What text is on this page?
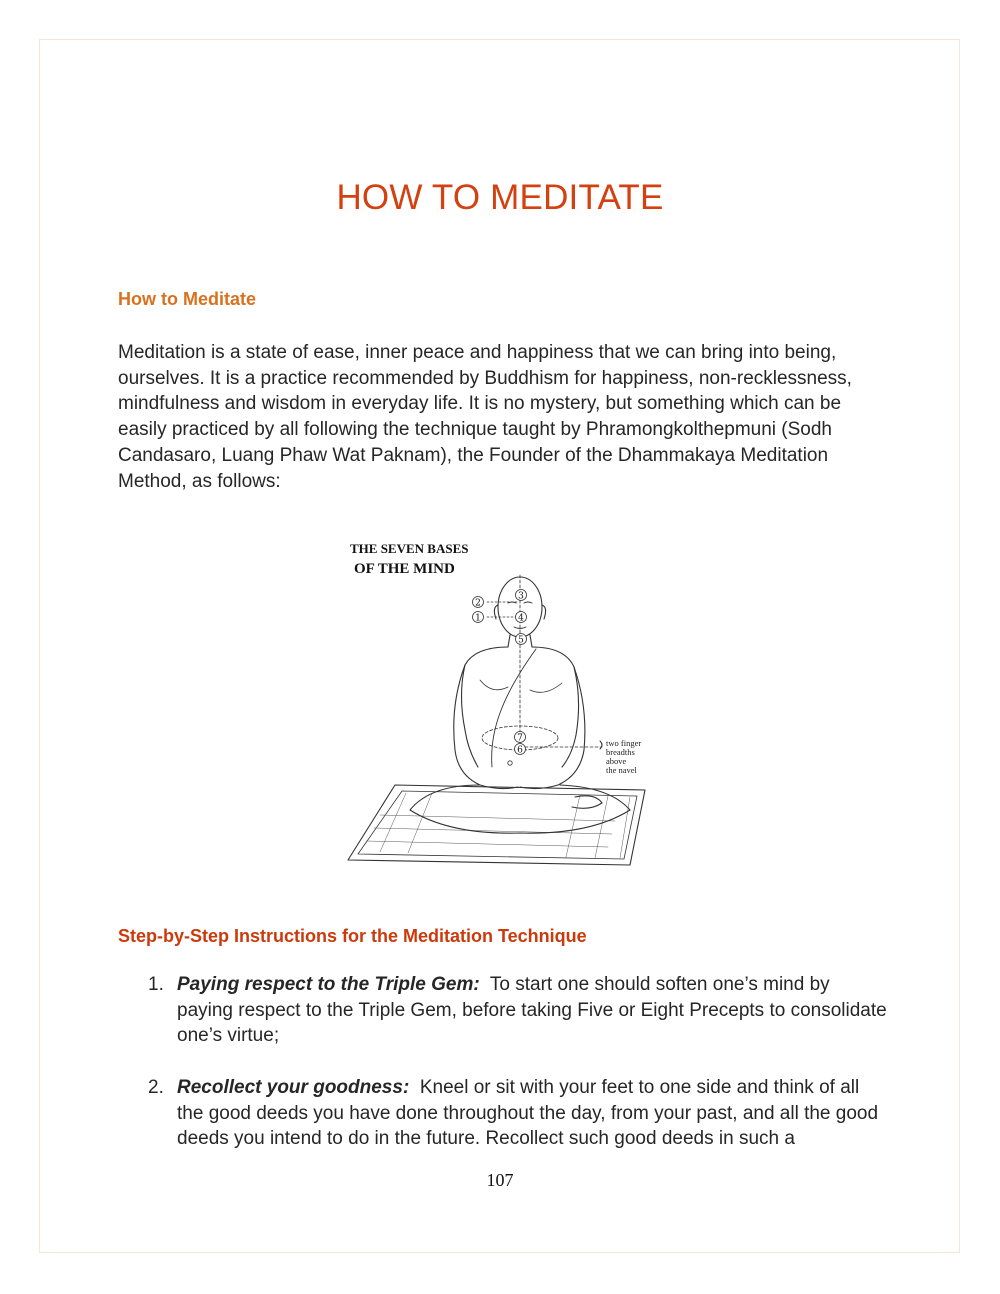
HOW TO MEDITATE
How to Meditate

Meditation is a state of ease, inner peace and happiness that we can bring into being, ourselves. It is a practice recommended by Buddhism for happiness, non-recklessness, mindfulness and wisdom in everyday life. It is no mystery, but something which can be easily practiced by all following the technique taught by Phramongkolthepmuni (Sodh Candasaro, Luang Phaw Wat Paknam), the Founder of the Dhammakaya Meditation Method, as follows:

THE SEVEN BASES

OF THE MIND

1
2
3
4
5
6
7	two finger
breadths
above
the navel
Step-by-Step Instructions for the Meditation Technique
1. Paying respect to the Triple Gem: To start one should soften one’s mind by paying respect to the Triple Gem, before taking Five or Eight Precepts to consolidate one’s virtue;
2. Recollect your goodness: Kneel or sit with your feet to one side and think of all the good deeds you have done throughout the day, from your past, and all the good deeds you intend to do in the future. Recollect such good deeds in such a
107
